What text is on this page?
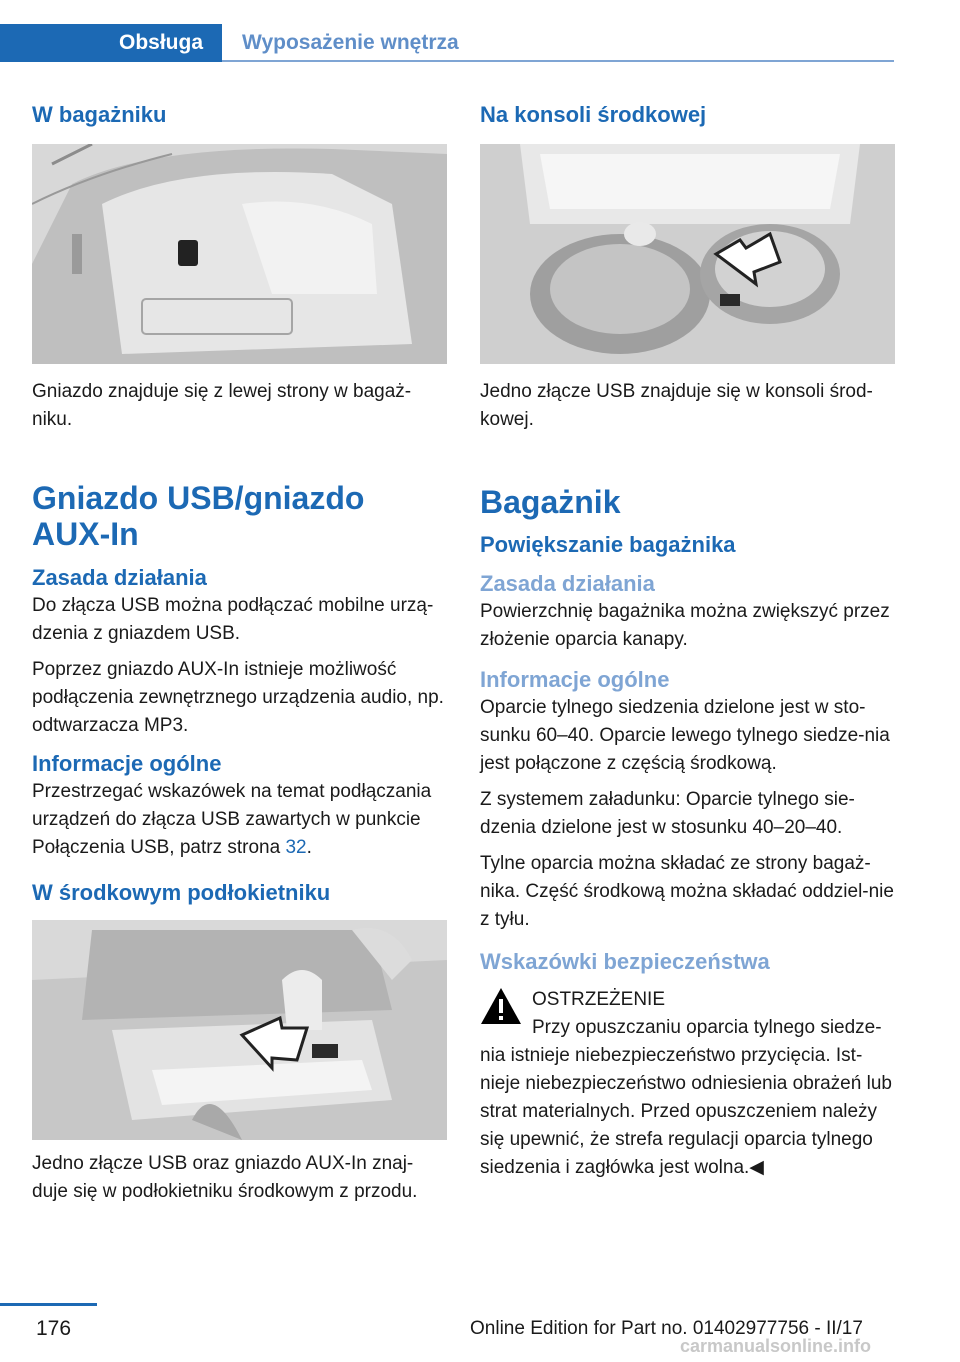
Obsługa	Wyposażenie wnętrza
W bagażniku

Gniazdo znajduje się z lewej strony w bagaż‐niku.

Gniazdo USB/gniazdo AUX-In
Zasada działania

Do złącza USB można podłączać mobilne urzą‐dzenia z gniazdem USB.

Poprzez gniazdo AUX-In istnieje możliwość podłączenia zewnętrznego urządzenia audio, np. odtwarzacza MP3.

Informacje ogólne

Przestrzegać wskazówek na temat podłączania urządzeń do złącza USB zawartych w punkcie Połączenia USB, patrz strona 32.

W środkowym podłokietniku

Jedno złącze USB oraz gniazdo AUX-In znaj‐duje się w podłokietniku środkowym z przodu.

Na konsoli środkowej

Jedno złącze USB znajduje się w konsoli środ‐kowej.

Bagażnik
Powiększanie bagażnika
Zasada działania

Powierzchnię bagażnika można zwiększyć przez złożenie oparcia kanapy.

Informacje ogólne

Oparcie tylnego siedzenia dzielone jest w sto‐sunku 60–40. Oparcie lewego tylnego siedze‐nia jest połączone z częścią środkową.

Z systemem załadunku: Oparcie tylnego sie‐dzenia dzielone jest w stosunku 40–20–40.

Tylne oparcia można składać ze strony bagaż‐nika. Część środkową można składać oddziel‐nie z tyłu.

Wskazówki bezpieczeństwa

OSTRZEŻENIE

Przy opuszczaniu oparcia tylnego siedze‐

nia istnieje niebezpieczeństwo przycięcia. Ist‐nieje niebezpieczeństwo odniesienia obrażeń lub strat materialnych. Przed opuszczeniem należy się upewnić, że strefa regulacji oparcia tylnego siedzenia i zagłówka jest wolna.◀

176	Online Edition for Part no. 01402977756 - II/17
carmanualsonline.info
